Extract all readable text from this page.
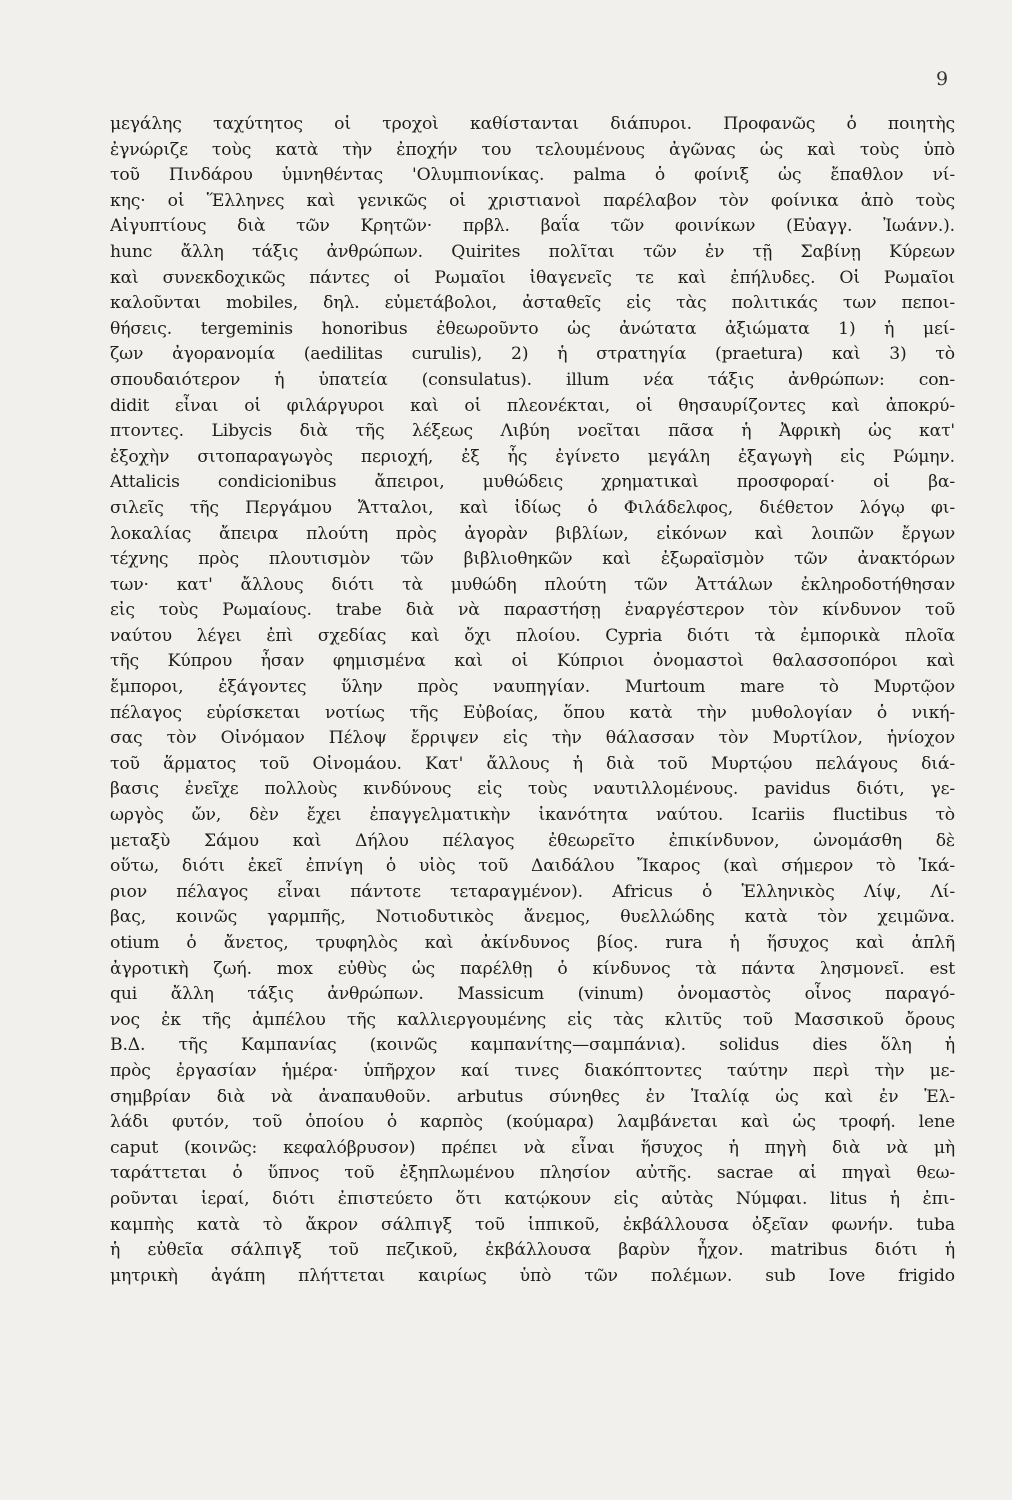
9
μεγάλης ταχύτητος οἱ τροχοὶ καθίστανται διάπυροι. Προφανῶς ὁ ποιητὴς
ἐγνώριζε τοὺς κατὰ τὴν ἐποχήν του τελουμένους ἀγῶνας ὡς καὶ τοὺς ὑπὸ
τοῦ Πινδάρου ὑμνηθέντας 'Ολυμπιονίκας. palma ὁ φοίνιξ ὡς ἔπαθλον νί-
κης· οἱ Ἕλληνες καὶ γενικῶς οἱ χριστιανοὶ παρέλαβον τὸν φοίνικα ἀπὸ τοὺς
Αἰγυπτίους διὰ τῶν Κρητῶν· πρβλ. βαΐα τῶν φοινίκων (Εὐαγγ. Ἰωάνν.).
hunc ἄλλη τάξις ἀνθρώπων. Quirites πολῖται τῶν ἐν τῇ Σαβίνῃ Κύρεων
καὶ συνεκδοχικῶς πάντες οἱ Ρωμαῖοι ἰθαγενεῖς τε καὶ ἐπήλυδες. Οἱ Ρωμαῖοι
καλοῦνται mobiles, δηλ. εὐμετάβολοι, ἀσταθεῖς εἰς τὰς πολιτικάς των πεποι-
θήσεις. tergeminis honoribus ἐθεωροῦντο ὡς ἀνώτατα ἀξιώματα 1) ἡ μεί-
ζων ἀγορανομία (aedilitas curulis), 2) ἡ στρατηγία (praetura) καὶ 3) τὸ
σπουδαιότερον ἡ ὑπατεία (consulatus). illum νέα τάξις ἀνθρώπων: con-
didit εἶναι οἱ φιλάργυροι καὶ οἱ πλεονέκται, οἱ θησαυρίζοντες καὶ ἀποκρύ-
πτοντες. Libycis διὰ τῆς λέξεως Λιβύη νοεῖται πᾶσα ἡ Ἀφρικὴ ὡς κατ'
ἐξοχὴν σιτοπαραγωγὸς περιοχή, ἐξ ἧς ἐγίνετο μεγάλη ἐξαγωγὴ εἰς Ρώμην.
Attalicis condicionibus ἄπειροι, μυθώδεις χρηματικαὶ προσφοραί· οἱ βα-
σιλεῖς τῆς Περγάμου Ἄτταλοι, καὶ ἰδίως ὁ Φιλάδελφος, διέθετον λόγῳ φι-
λοκαλίας ἄπειρα πλούτη πρὸς ἀγορὰν βιβλίων, εἰκόνων καὶ λοιπῶν ἔργων
τέχνης πρὸς πλουτισμὸν τῶν βιβλιοθηκῶν καὶ ἐξωραϊσμὸν τῶν ἀνακτόρων
των· κατ' ἄλλους διότι τὰ μυθώδη πλούτη τῶν Ἀττάλων ἐκληροδοτήθησαν
εἰς τοὺς Ρωμαίους. trabe διὰ νὰ παραστήσῃ ἐναργέστερον τὸν κίνδυνον τοῦ
ναύτου λέγει ἐπὶ σχεδίας καὶ ὄχι πλοίου. Cypria διότι τὰ ἐμπορικὰ πλοῖα
τῆς Κύπρου ἦσαν φημισμένα καὶ οἱ Κύπριοι ὀνομαστοὶ θαλασσοπόροι καὶ
ἔμποροι, ἐξάγοντες ὕλην πρὸς ναυπηγίαν. Murtoum mare τὸ Μυρτῷον
πέλαγος εὑρίσκεται νοτίως τῆς Εὐβοίας, ὅπου κατὰ τὴν μυθολογίαν ὁ νική-
σας τὸν Οἰνόμαον Πέλοψ ἔρριψεν εἰς τὴν θάλασσαν τὸν Μυρτίλον, ἡνίοχον
τοῦ ἅρματος τοῦ Οἰνομάου. Κατ' ἄλλους ἡ διὰ τοῦ Μυρτῴου πελάγους διά-
βασις ἐνεῖχε πολλοὺς κινδύνους εἰς τοὺς ναυτιλλομένους. pavidus διότι, γε-
ωργὸς ὤν, δὲν ἔχει ἐπαγγελματικὴν ἱκανότητα ναύτου. Icariis fluctibus τὸ
μεταξὺ Σάμου καὶ Δήλου πέλαγος ἐθεωρεῖτο ἐπικίνδυνον, ὠνομάσθη δὲ
οὕτω, διότι ἐκεῖ ἐπνίγη ὁ υἱὸς τοῦ Δαιδάλου Ἴκαρος (καὶ σήμερον τὸ Ἰκά-
ριον πέλαγος εἶναι πάντοτε τεταραγμένον). Africus ὁ Ἑλληνικὸς Λίψ, Λί-
βας, κοινῶς γαρμπῆς, Νοτιοδυτικὸς ἄνεμος, θυελλώδης κατὰ τὸν χειμῶνα.
otium ὁ ἄνετος, τρυφηλὸς καὶ ἀκίνδυνος βίος. rura ἡ ἥσυχος καὶ ἁπλῆ
ἀγροτικὴ ζωή. mox εὐθὺς ὡς παρέλθῃ ὁ κίνδυνος τὰ πάντα λησμονεῖ. est
qui ἄλλη τάξις ἀνθρώπων. Massicum (vinum) ὀνομαστὸς οἶνος παραγό-
νος ἐκ τῆς ἀμπέλου τῆς καλλιεργουμένης εἰς τὰς κλιτῦς τοῦ Μασσικοῦ ὄρους
Β.Δ. τῆς Καμπανίας (κοινῶς καμπανίτης—σαμπάνια). solidus dies ὅλη ἡ
πρὸς ἐργασίαν ἡμέρα· ὑπῆρχον καί τινες διακόπτοντες ταύτην περὶ τὴν με-
σημβρίαν διὰ νὰ ἀναπαυθοῦν. arbutus σύνηθες ἐν Ἰταλίᾳ ὡς καὶ ἐν Ἑλ-
λάδι φυτόν, τοῦ ὁποίου ὁ καρπὸς (κούμαρα) λαμβάνεται καὶ ὡς τροφή. lene
caput (κοινῶς: κεφαλόβρυσον) πρέπει νὰ εἶναι ἥσυχος ἡ πηγὴ διὰ νὰ μὴ
ταράττεται ὁ ὕπνος τοῦ ἐξηπλωμένου πλησίον αὐτῆς. sacrae αἱ πηγαὶ θεω-
ροῦνται ἱεραί, διότι ἐπιστεύετο ὅτι κατῴκουν εἰς αὐτὰς Νύμφαι. litus ἡ ἐπι-
καμπὴς κατὰ τὸ ἄκρον σάλπιγξ τοῦ ἱππικοῦ, ἐκβάλλουσα ὀξεῖαν φωνήν. tuba
ἡ εὐθεῖα σάλπιγξ τοῦ πεζικοῦ, ἐκβάλλουσα βαρὺν ἦχον. matribus διότι ἡ
μητρικὴ ἀγάπη πλήττεται καιρίως ὑπὸ τῶν πολέμων. sub Iove frigido
